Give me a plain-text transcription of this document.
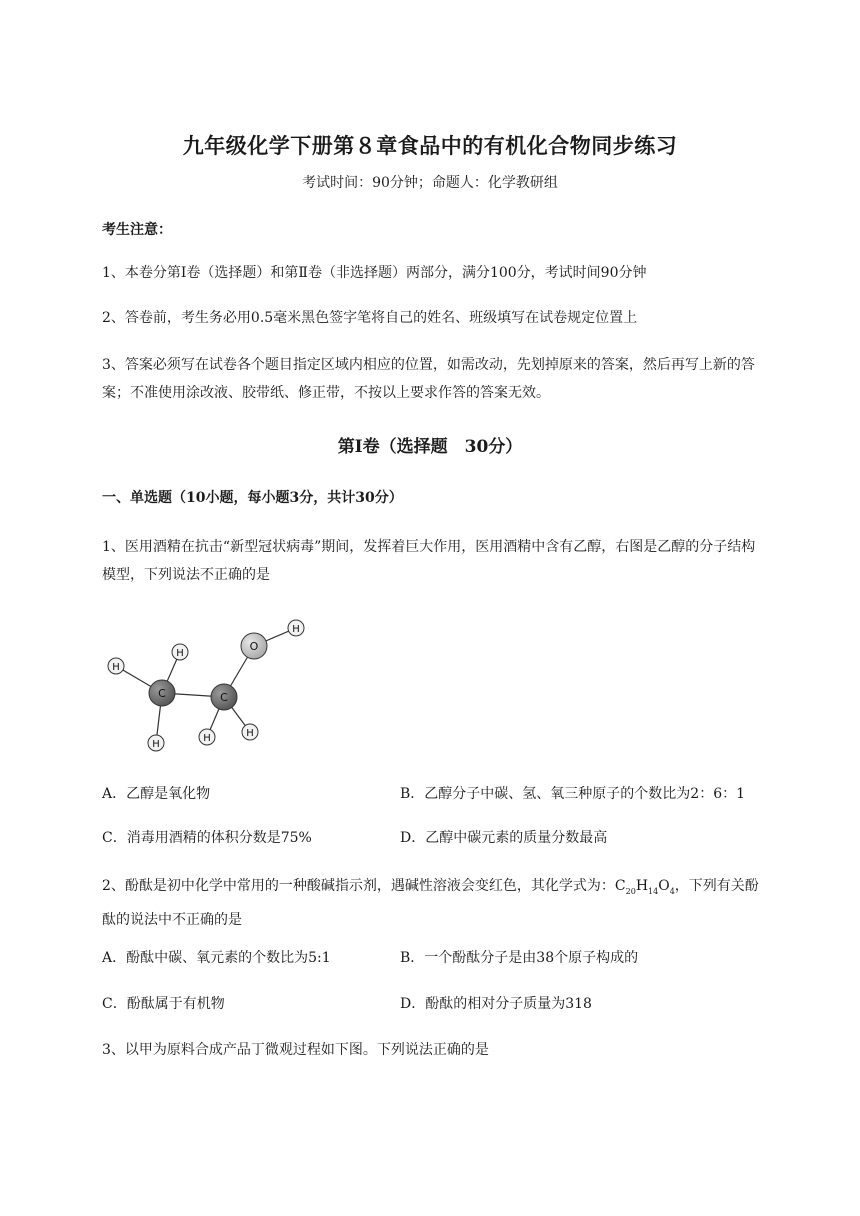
九年级化学下册第８章食品中的有机化合物同步练习
考试时间：90分钟；命题人：化学教研组
考生注意：
1、本卷分第Ⅰ卷（选择题）和第Ⅱ卷（非选择题）两部分，满分100分，考试时间90分钟
2、答卷前，考生务必用0.5毫米黑色签字笔将自己的姓名、班级填写在试卷规定位置上
3、答案必须写在试卷各个题目指定区域内相应的位置，如需改动，先划掉原来的答案，然后再写上新的答案；不准使用涂改液、胶带纸、修正带，不按以上要求作答的答案无效。
第I卷（选择题　30分）
一、单选题（10小题，每小题3分，共计30分）
1、医用酒精在抗击“新型冠状病毒”期间，发挥着巨大作用，医用酒精中含有乙醇，右图是乙醇的分子结构模型，下列说法不正确的是
H
H
H
H	H
H
C	C
O
A．乙醇是氧化物	B．乙醇分子中碳、氢、氧三种原子的个数比为2：6：1
C．消毒用酒精的体积分数是75%	D．乙醇中碳元素的质量分数最高
2、酚酞是初中化学中常用的一种酸碱指示剂，遇碱性溶液会变红色，其化学式为：$C_{20}H_{14}O_4$，下列有关酚酞的说法中不正确的是
A．酚酞中碳、氧元素的个数比为5:1	B．一个酚酞分子是由38个原子构成的
C．酚酞属于有机物	D．酚酞的相对分子质量为318
3、以甲为原料合成产品丁微观过程如下图。下列说法正确的是
